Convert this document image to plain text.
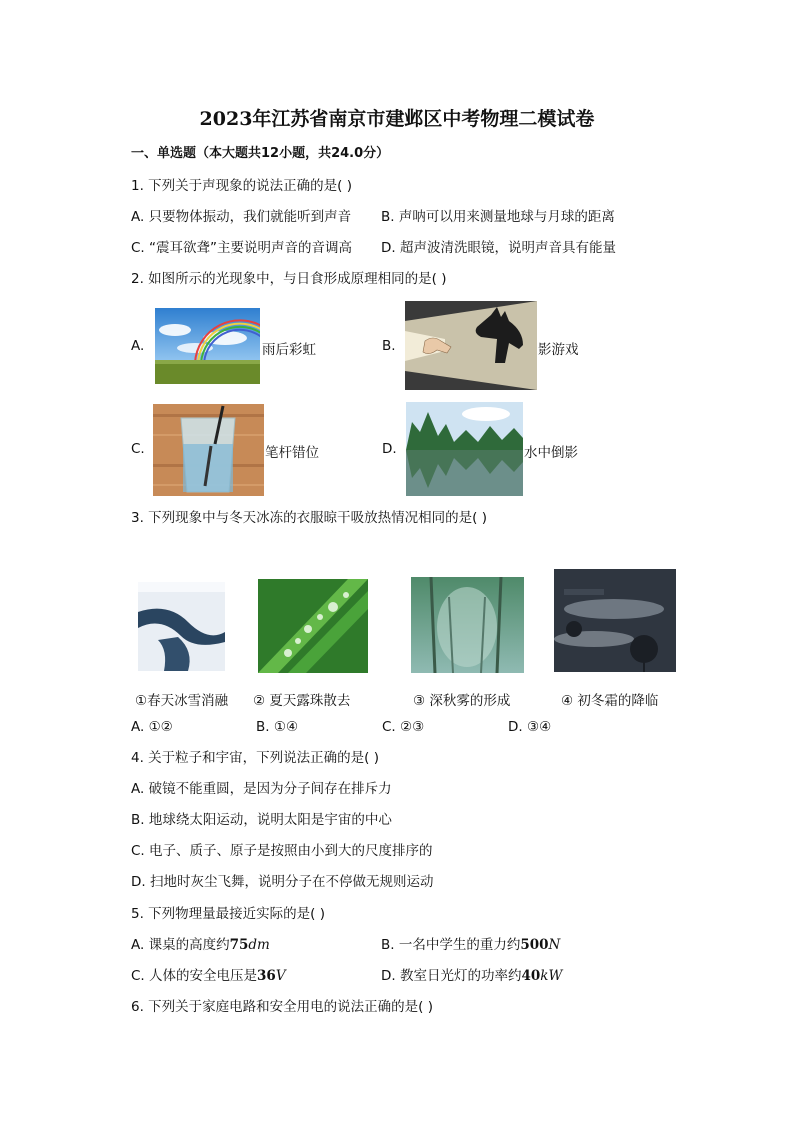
2023年江苏省南京市建邺区中考物理二模试卷
一、单选题（本大题共12小题，共24.0分）
1. 下列关于声现象的说法正确的是( )
A. 只要物体振动，我们就能听到声音 B. 声呐可以用来测量地球与月球的距离
C. “震耳欲聋”主要说明声音的音调高 D. 超声波清洗眼镜，说明声音具有能量
2. 如图所示的光现象中，与日食形成原理相同的是( )
A.	雨后彩虹	B.	影游戏
C.	笔杆错位	D.	水中倒影
3. 下列现象中与冬天冰冻的衣服晾干吸放热情况相同的是( )
①春天冰雪消融 ② 夏天露珠散去	③ 深秋雾的形成	④ 初冬霜的降临
A. ①②	B. ①④	C. ②③	D. ③④
4. 关于粒子和宇宙，下列说法正确的是( )
A. 破镜不能重圆，是因为分子间存在排斥力
B. 地球绕太阳运动，说明太阳是宇宙的中心
C. 电子、质子、原子是按照由小到大的尺度排序的
D. 扫地时灰尘飞舞，说明分子在不停做无规则运动
5. 下列物理量最接近实际的是( )
A. 课桌的高度约75dm	B. 一名中学生的重力约500N
C. 人体的安全电压是36V	D. 教室日光灯的功率约40kW
6. 下列关于家庭电路和安全用电的说法正确的是( )
